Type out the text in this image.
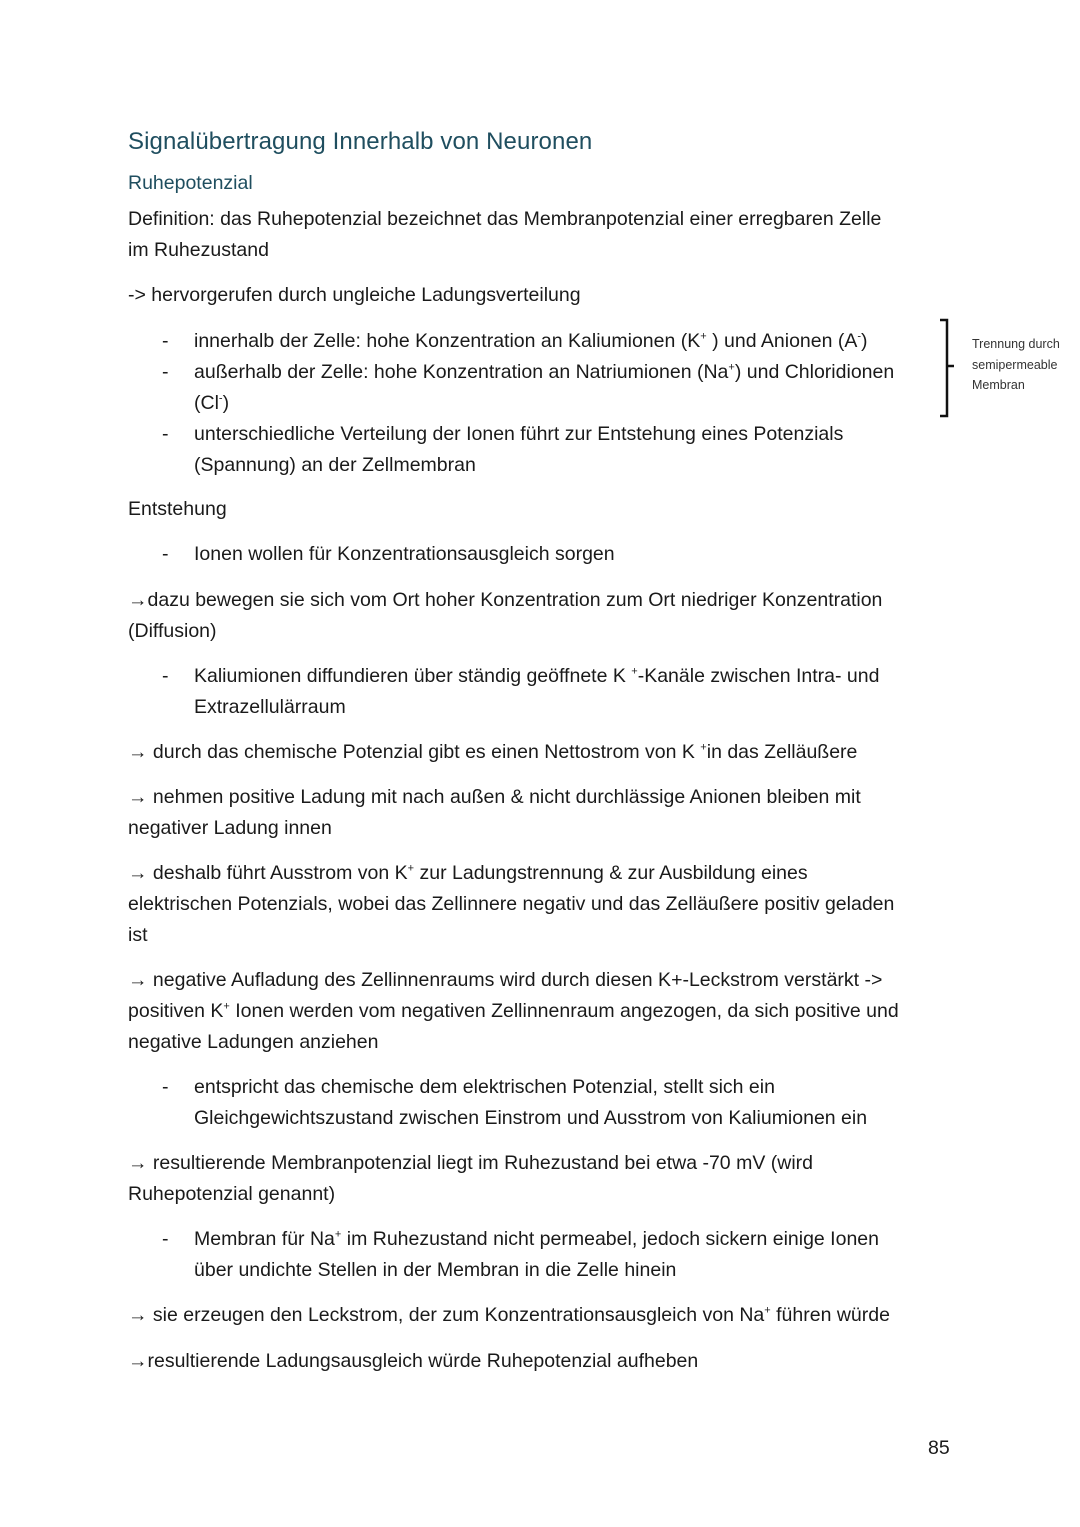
Signalübertragung Innerhalb von Neuronen
Ruhepotenzial
Definition: das Ruhepotenzial bezeichnet das Membranpotenzial einer erregbaren Zelle
im Ruhezustand
-> hervorgerufen durch ungleiche Ladungsverteilung
- innerhalb der Zelle: hohe Konzentration an Kaliumionen (K+ ) und Anionen (A-)
- außerhalb der Zelle: hohe Konzentration an Natriumionen (Na+) und Chloridionen
(Cl-)
- unterschiedliche Verteilung der Ionen führt zur Entstehung eines Potenzials
(Spannung) an der Zellmembran
Trennung durch
semipermeable
Membran
Entstehung
- Ionen wollen für Konzentrationsausgleich sorgen
→dazu bewegen sie sich vom Ort hoher Konzentration zum Ort niedriger Konzentration
(Diffusion)
- Kaliumionen diffundieren über ständig geöffnete K +-Kanäle zwischen Intra- und
Extrazellulärraum
→ durch das chemische Potenzial gibt es einen Nettostrom von K +in das Zelläußere
→ nehmen positive Ladung mit nach außen & nicht durchlässige Anionen bleiben mit
negativer Ladung innen
→ deshalb führt Ausstrom von K+ zur Ladungstrennung & zur Ausbildung eines
elektrischen Potenzials, wobei das Zellinnere negativ und das Zelläußere positiv geladen
ist
→ negative Aufladung des Zellinnenraums wird durch diesen K+-Leckstrom verstärkt ->
positiven K+ Ionen werden vom negativen Zellinnenraum angezogen, da sich positive und
negative Ladungen anziehen
- entspricht das chemische dem elektrischen Potenzial, stellt sich ein
Gleichgewichtszustand zwischen Einstrom und Ausstrom von Kaliumionen ein
→ resultierende Membranpotenzial liegt im Ruhezustand bei etwa -70 mV (wird
Ruhepotenzial genannt)
- Membran für Na+ im Ruhezustand nicht permeabel, jedoch sickern einige Ionen
über undichte Stellen in der Membran in die Zelle hinein
→ sie erzeugen den Leckstrom, der zum Konzentrationsausgleich von Na+ führen würde
→resultierende Ladungsausgleich würde Ruhepotenzial aufheben
85
